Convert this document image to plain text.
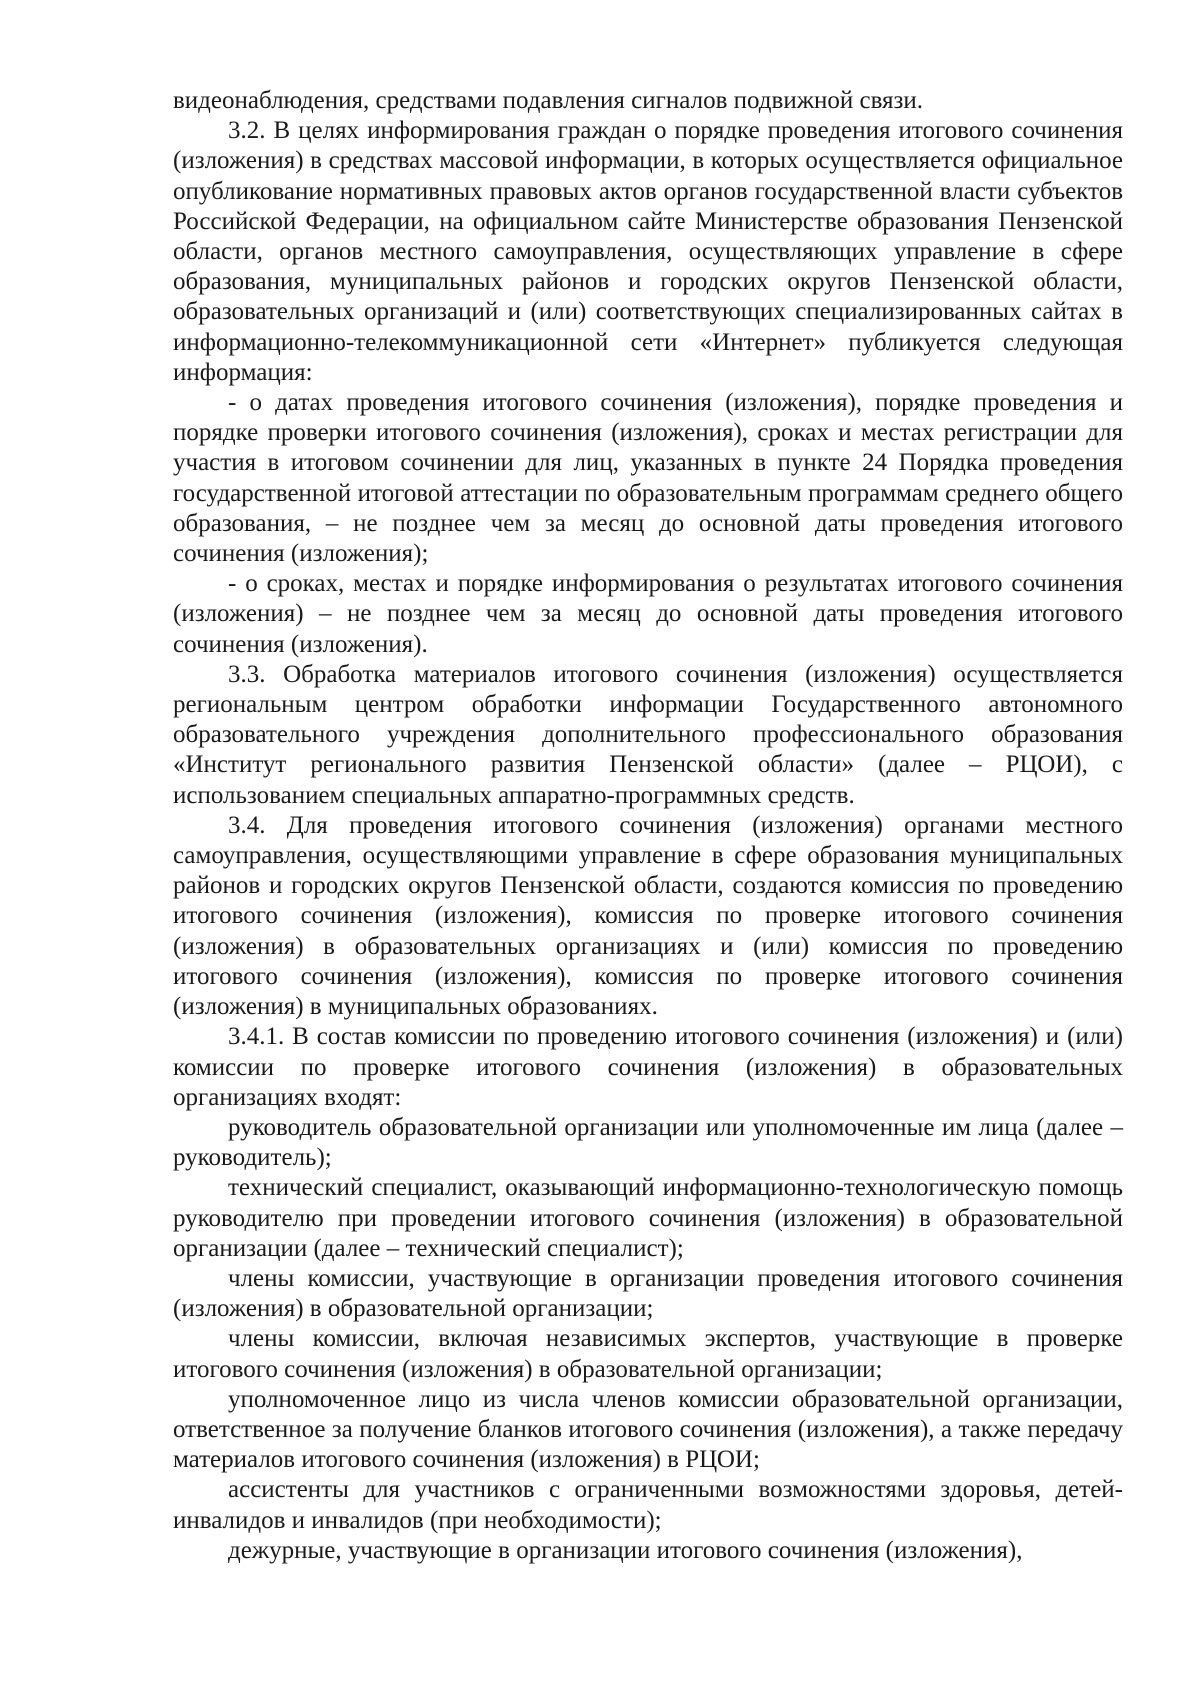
видеонаблюдения, средствами подавления сигналов подвижной связи.

3.2. В целях информирования граждан о порядке проведения итогового сочинения (изложения) в средствах массовой информации, в которых осуществляется официальное опубликование нормативных правовых актов органов государственной власти субъектов Российской Федерации, на официальном сайте Министерстве образования Пензенской области, органов местного самоуправления, осуществляющих управление в сфере образования, муниципальных районов и городских округов Пензенской области, образовательных организаций и (или) соответствующих специализированных сайтах в информационно-телекоммуникационной сети «Интернет» публикуется следующая информация:

- о датах проведения итогового сочинения (изложения), порядке проведения и порядке проверки итогового сочинения (изложения), сроках и местах регистрации для участия в итоговом сочинении для лиц, указанных в пункте 24 Порядка проведения государственной итоговой аттестации по образовательным программам среднего общего образования, – не позднее чем за месяц до основной даты проведения итогового сочинения (изложения);

- о сроках, местах и порядке информирования о результатах итогового сочинения (изложения) – не позднее чем за месяц до основной даты проведения итогового сочинения (изложения).

3.3. Обработка материалов итогового сочинения (изложения) осуществляется региональным центром обработки информации Государственного автономного образовательного учреждения дополнительного профессионального образования «Институт регионального развития Пензенской области» (далее – РЦОИ), с использованием специальных аппаратно-программных средств.

3.4. Для проведения итогового сочинения (изложения) органами местного самоуправления, осуществляющими управление в сфере образования муниципальных районов и городских округов Пензенской области, создаются комиссия по проведению итогового сочинения (изложения), комиссия по проверке итогового сочинения (изложения) в образовательных организациях и (или) комиссия по проведению итогового сочинения (изложения), комиссия по проверке итогового сочинения (изложения) в муниципальных образованиях.

3.4.1. В состав комиссии по проведению итогового сочинения (изложения) и (или) комиссии по проверке итогового сочинения (изложения) в образовательных организациях входят:

руководитель образовательной организации или уполномоченные им лица (далее – руководитель);

технический специалист, оказывающий информационно-технологическую помощь руководителю при проведении итогового сочинения (изложения) в образовательной организации (далее – технический специалист);

члены комиссии, участвующие в организации проведения итогового сочинения (изложения) в образовательной организации;

члены комиссии, включая независимых экспертов, участвующие в проверке итогового сочинения (изложения) в образовательной организации;

уполномоченное лицо из числа членов комиссии образовательной организации, ответственное за получение бланков итогового сочинения (изложения), а также передачу материалов итогового сочинения (изложения) в РЦОИ;

ассистенты для участников с ограниченными возможностями здоровья, детей-инвалидов и инвалидов (при необходимости);

дежурные, участвующие в организации итогового сочинения (изложения),
